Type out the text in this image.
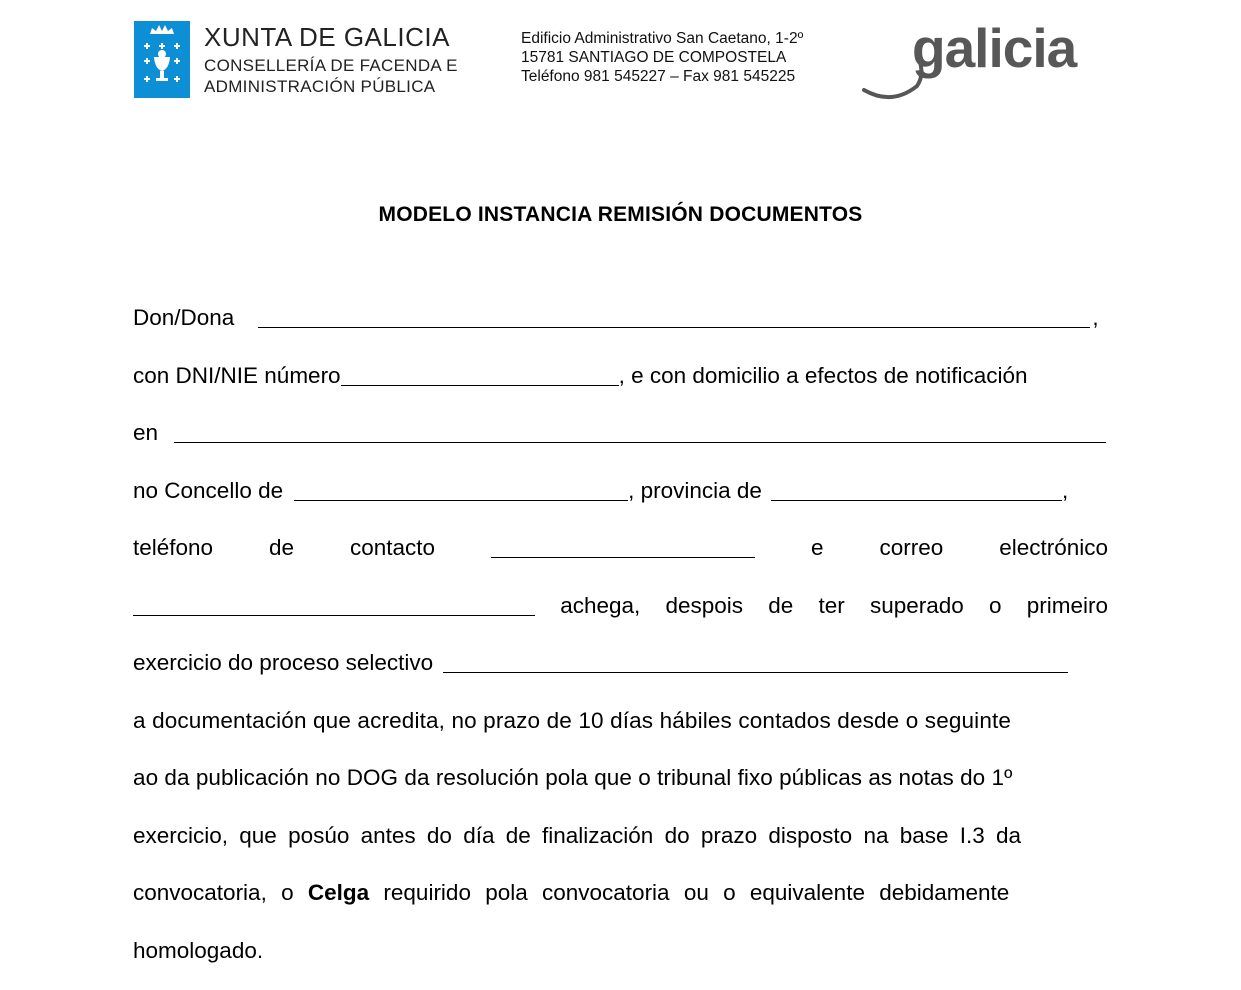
XUNTA DE GALICIA
CONSELLERÍA DE FACENDA E
ADMINISTRACIÓN PÚBLICA
Edificio Administrativo San Caetano, 1-2º
15781 SANTIAGO DE COMPOSTELA
Teléfono 981 545227 – Fax 981 545225 galicia
MODELO INSTANCIA REMISIÓN DOCUMENTOS
Don/Dona	,
con DNI/NIE número	, e con domicilio a efectos de notificación
en
no Concello de	, provincia de	,
teléfono de contacto	e correo electrónico
achega, despois de ter superado o primeiro
exercicio do proceso selectivo
a documentación que acredita, no prazo de 10 días hábiles contados desde o seguinte
ao da publicación no DOG da resolución pola que o tribunal fixo públicas as notas do 1º
exercicio, que posúo antes do día de finalización do prazo disposto na base I.3 da
convocatoria, o Celga requirido pola convocatoria ou o equivalente debidamente
homologado.
